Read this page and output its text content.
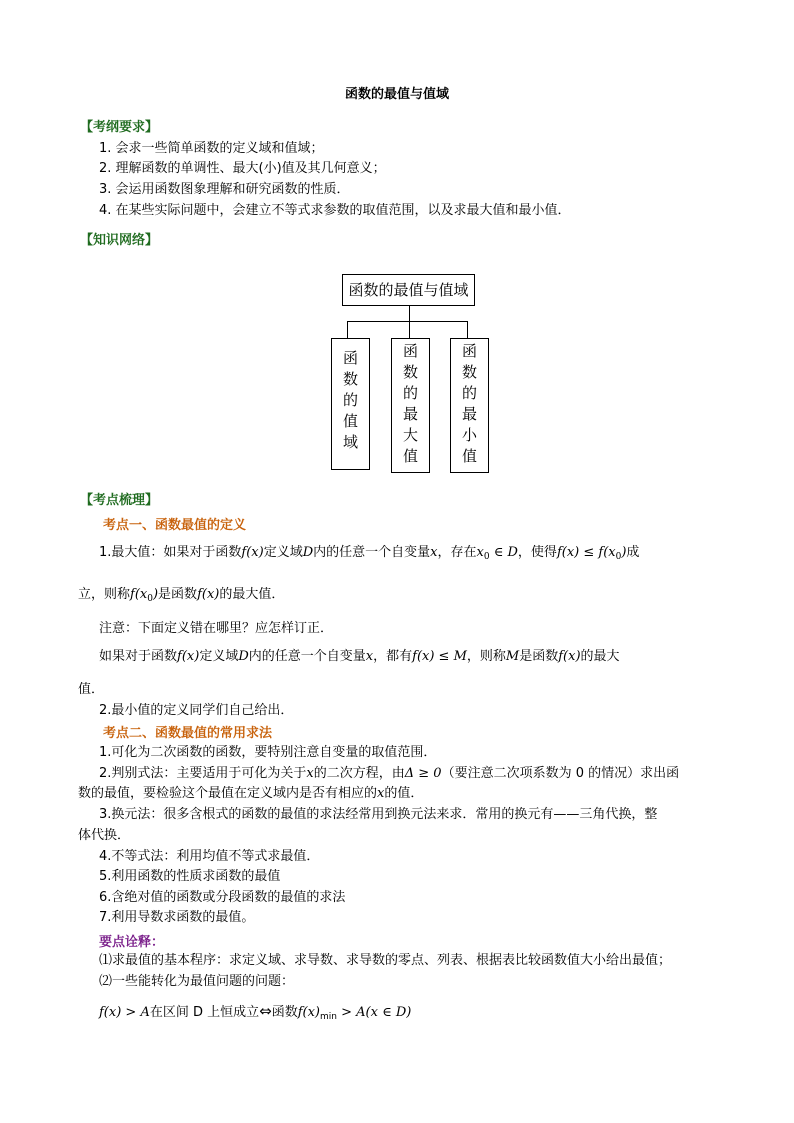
函数的最值与值域
【考纲要求】
1. 会求一些简单函数的定义域和值域；
2. 理解函数的单调性、最大(小)值及其几何意义；
3. 会运用函数图象理解和研究函数的性质．
4. 在某些实际问题中，会建立不等式求参数的取值范围，以及求最大值和最小值．
【知识网络】
函数的最值与值域
函
数
的
值
域
函
数
的
最
大
值
函
数
的
最
小
值
【考点梳理】
考点一、函数最值的定义
1.最大值：如果对于函数f(x)定义域D内的任意一个自变量x，存在$x_0$ ∈ D，使得$f(x) \le f(x_0)$成
立，则称$f(x_0)$是函数f(x)的最大值．
注意：下面定义错在哪里？应怎样订正．
如果对于函数f(x)定义域D内的任意一个自变量x，都有f(x) ≤ M，则称M是函数f(x)的最大
值．
2.最小值的定义同学们自己给出．
考点二、函数最值的常用求法
1.可化为二次函数的函数，要特别注意自变量的取值范围．
2.判别式法：主要适用于可化为关于x的二次方程，由Δ ≥ 0（要注意二次项系数为 0 的情况）求出函
数的最值，要检验这个最值在定义域内是否有相应的x的值．
3.换元法：很多含根式的函数的最值的求法经常用到换元法来求．常用的换元有——三角代换，整
体代换．
4.不等式法：利用均值不等式求最值．
5.利用函数的性质求函数的最值
6.含绝对值的函数或分段函数的最值的求法
7.利用导数求函数的最值。
要点诠释：
⑴求最值的基本程序：求定义域、求导数、求导数的零点、列表、根据表比较函数值大小给出最值；
⑵一些能转化为最值问题的问题：
f(x) > A在区间 D 上恒成立⇔函数$f(x)_{min} > A(x$ ∈ D)
